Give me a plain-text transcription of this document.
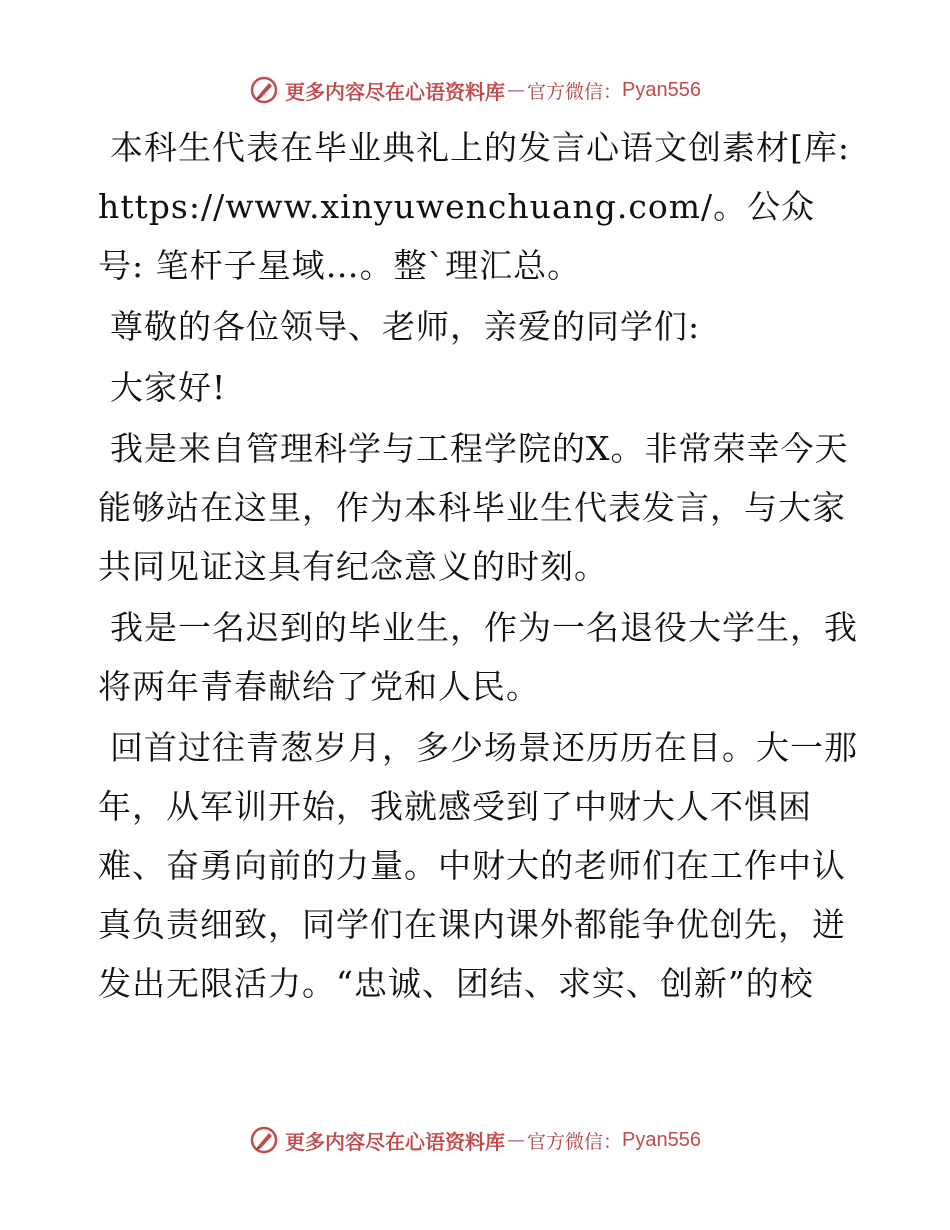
更多内容尽在心语资料库 — 官方微信： Pyan556

本科生代表在毕业典礼上的发言心语文创素材[库: https://www.xinyuwenchuang.com/。公众号: 笔杆子星域…。整`理汇总。

尊敬的各位领导、老师，亲爱的同学们:

大家好!

我是来自管理科学与工程学院的X。非常荣幸今天能够站在这里，作为本科毕业生代表发言，与大家共同见证这具有纪念意义的时刻。

我是一名迟到的毕业生，作为一名退役大学生，我将两年青春献给了党和人民。

回首过往青葱岁月，多少场景还历历在目。大一那年，从军训开始，我就感受到了中财大人不惧困难、奋勇向前的力量。中财大的老师们在工作中认真负责细致，同学们在课内课外都能争优创先，迸发出无限活力。“忠诚、团结、求实、创新”的校

更多内容尽在心语资料库 — 官方微信： Pyan556
